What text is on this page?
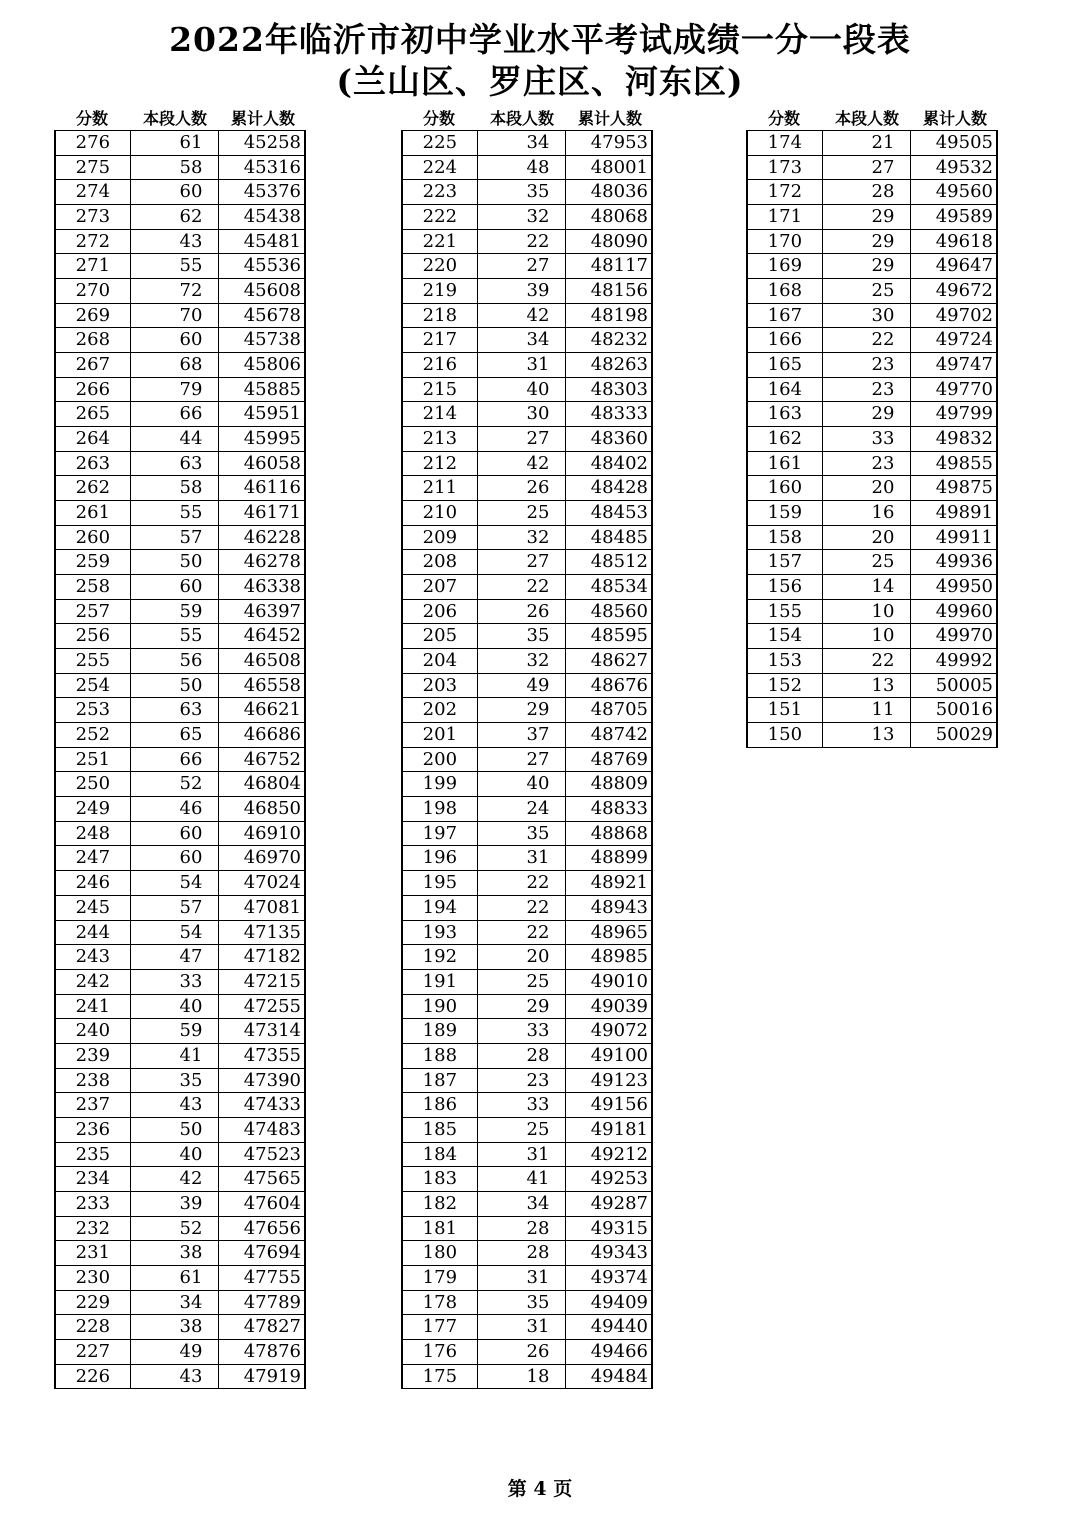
2022年临沂市初中学业水平考试成绩一分一段表
(兰山区、罗庄区、河东区)
分数	本段人数	累计人数
276	61	45258
275	58	45316
274	60	45376
273	62	45438
272	43	45481
271	55	45536
270	72	45608
269	70	45678
268	60	45738
267	68	45806
266	79	45885
265	66	45951
264	44	45995
263	63	46058
262	58	46116
261	55	46171
260	57	46228
259	50	46278
258	60	46338
257	59	46397
256	55	46452
255	56	46508
254	50	46558
253	63	46621
252	65	46686
251	66	46752
250	52	46804
249	46	46850
248	60	46910
247	60	46970
246	54	47024
245	57	47081
244	54	47135
243	47	47182
242	33	47215
241	40	47255
240	59	47314
239	41	47355
238	35	47390
237	43	47433
236	50	47483
235	40	47523
234	42	47565
233	39	47604
232	52	47656
231	38	47694
230	61	47755
229	34	47789
228	38	47827
227	49	47876
226	43	47919
分数	本段人数	累计人数
225	34	47953
224	48	48001
223	35	48036
222	32	48068
221	22	48090
220	27	48117
219	39	48156
218	42	48198
217	34	48232
216	31	48263
215	40	48303
214	30	48333
213	27	48360
212	42	48402
211	26	48428
210	25	48453
209	32	48485
208	27	48512
207	22	48534
206	26	48560
205	35	48595
204	32	48627
203	49	48676
202	29	48705
201	37	48742
200	27	48769
199	40	48809
198	24	48833
197	35	48868
196	31	48899
195	22	48921
194	22	48943
193	22	48965
192	20	48985
191	25	49010
190	29	49039
189	33	49072
188	28	49100
187	23	49123
186	33	49156
185	25	49181
184	31	49212
183	41	49253
182	34	49287
181	28	49315
180	28	49343
179	31	49374
178	35	49409
177	31	49440
176	26	49466
175	18	49484
分数	本段人数	累计人数
174	21	49505
173	27	49532
172	28	49560
171	29	49589
170	29	49618
169	29	49647
168	25	49672
167	30	49702
166	22	49724
165	23	49747
164	23	49770
163	29	49799
162	33	49832
161	23	49855
160	20	49875
159	16	49891
158	20	49911
157	25	49936
156	14	49950
155	10	49960
154	10	49970
153	22	49992
152	13	50005
151	11	50016
150	13	50029
第 4 页
